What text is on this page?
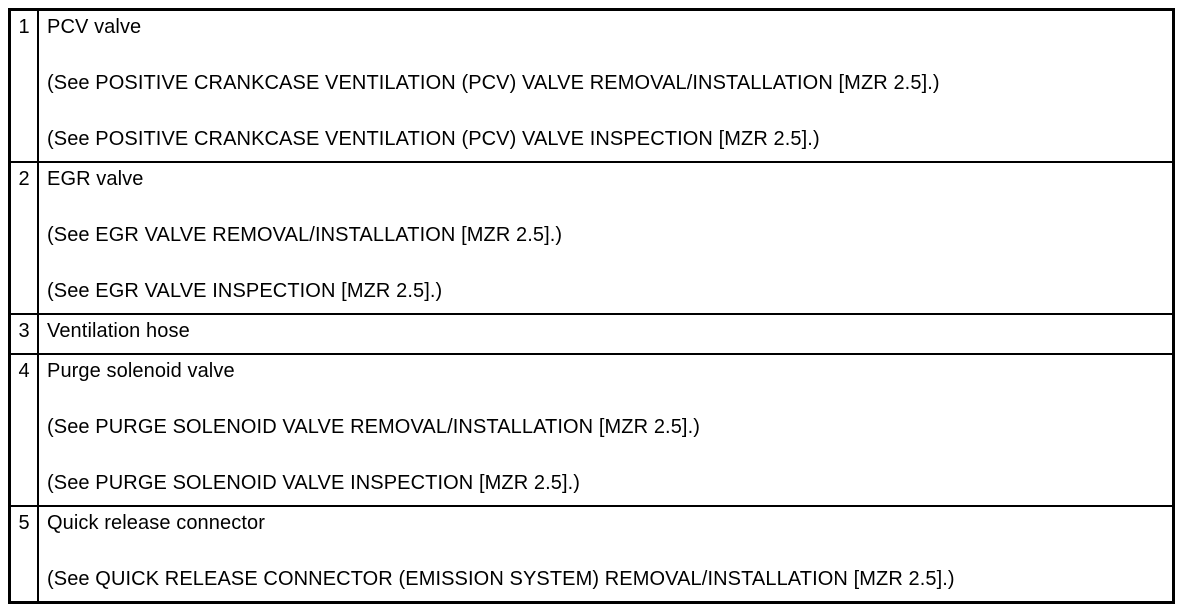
1 PCV valve
(See POSITIVE CRANKCASE VENTILATION (PCV) VALVE REMOVAL/INSTALLATION [MZR 2.5].)
(See POSITIVE CRANKCASE VENTILATION (PCV) VALVE INSPECTION [MZR 2.5].)
2 EGR valve
(See EGR VALVE REMOVAL/INSTALLATION [MZR 2.5].)
(See EGR VALVE INSPECTION [MZR 2.5].)
3 Ventilation hose
4 Purge solenoid valve
(See PURGE SOLENOID VALVE REMOVAL/INSTALLATION [MZR 2.5].)
(See PURGE SOLENOID VALVE INSPECTION [MZR 2.5].)
5 Quick release connector
(See QUICK RELEASE CONNECTOR (EMISSION SYSTEM) REMOVAL/INSTALLATION [MZR 2.5].)
